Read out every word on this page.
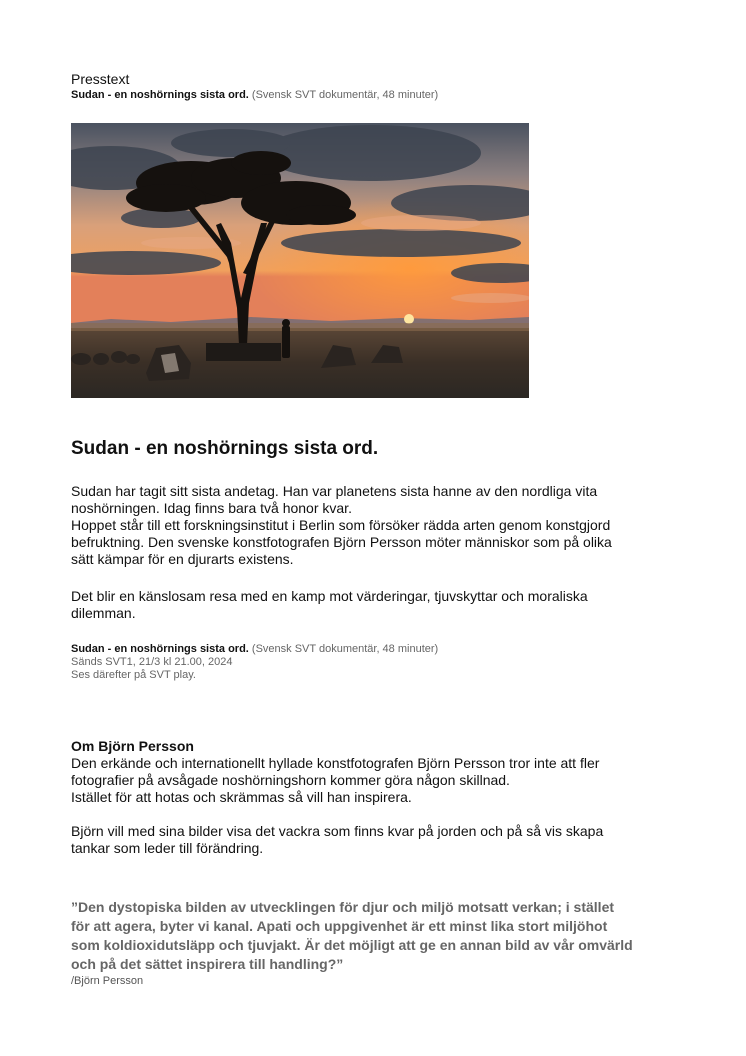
Presstext
Sudan - en noshörnings sista ord. (Svensk SVT dokumentär, 48 minuter)
Sudan - en noshörnings sista ord.

Sudan har tagit sitt sista andetag. Han var planetens sista hanne av den nordliga vita

noshörningen. Idag finns bara två honor kvar.

Hoppet står till ett forskningsinstitut i Berlin som försöker rädda arten genom konstgjord

befruktning. Den svenske konstfotografen Björn Persson möter människor som på olika

sätt kämpar för en djurarts existens.

Det blir en känslosam resa med en kamp mot värderingar, tjuvskyttar och moraliska

dilemman.

Sudan - en noshörnings sista ord. (Svensk SVT dokumentär, 48 minuter)
Sänds SVT1, 21/3 kl 21.00, 2024
Ses därefter på SVT play.

Om Björn Persson

Den erkände och internationellt hyllade konstfotografen Björn Persson tror inte att fler

fotografier på avsågade noshörningshorn kommer göra någon skillnad.

Istället för att hotas och skrämmas så vill han inspirera.

Björn vill med sina bilder visa det vackra som finns kvar på jorden och på så vis skapa

tankar som leder till förändring.

”Den dystopiska bilden av utvecklingen för djur och miljö motsatt verkan; i stället
för att agera, byter vi kanal. Apati och uppgivenhet är ett minst lika stort miljöhot
som koldioxidutsläpp och tjuvjakt. Är det möjligt att ge en annan bild av vår omvärld
och på det sättet inspirera till handling?”
/Björn Persson
